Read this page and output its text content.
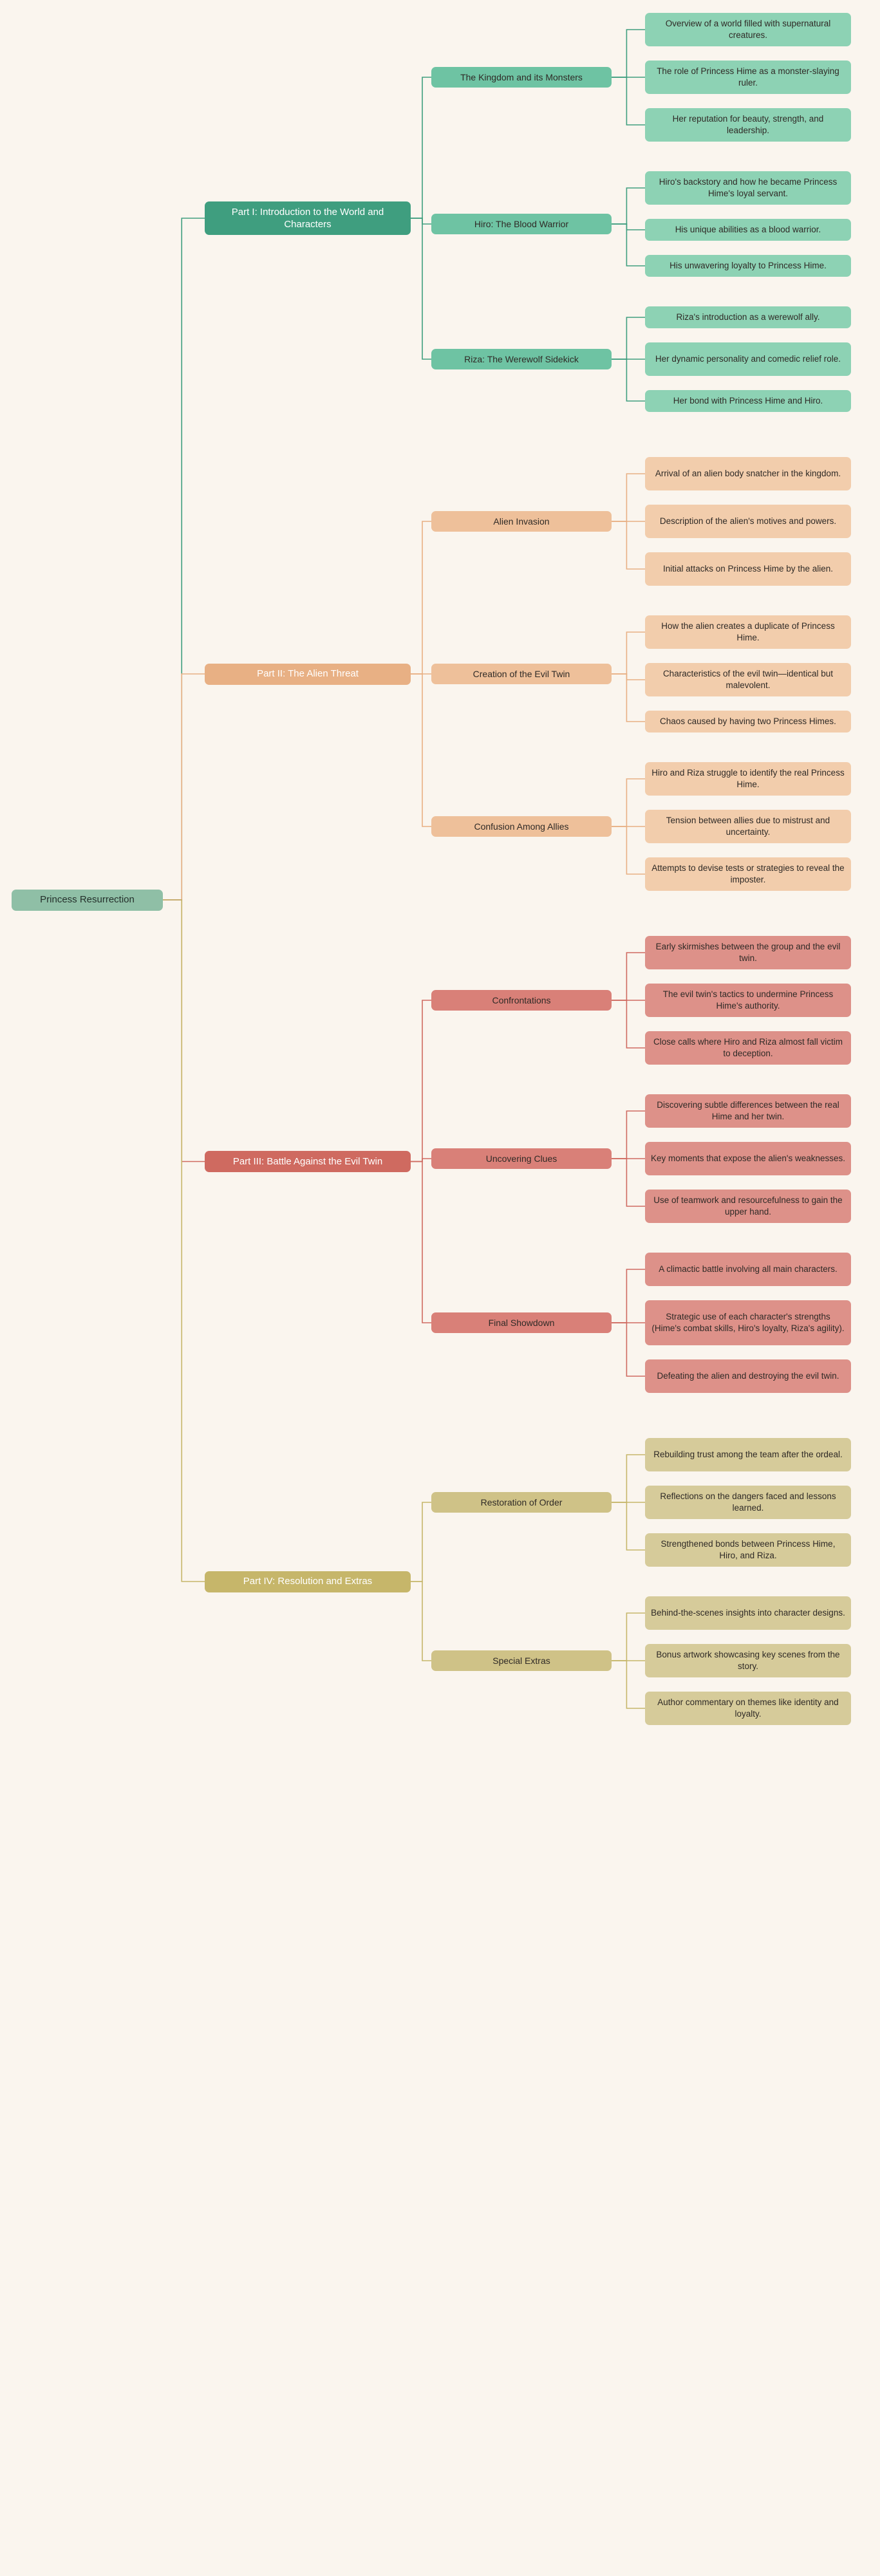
Princess Resurrection
Part I: Introduction to the World and Characters
The Kingdom and its Monsters
Overview of a world filled with supernatural creatures.
The role of Princess Hime as a monster-slaying ruler.
Her reputation for beauty, strength, and leadership.
Hiro: The Blood Warrior
Hiro's backstory and how he became Princess Hime's loyal servant.
His unique abilities as a blood warrior.
His unwavering loyalty to Princess Hime.
Riza: The Werewolf Sidekick
Riza's introduction as a werewolf ally.
Her dynamic personality and comedic relief role.
Her bond with Princess Hime and Hiro.
Part II: The Alien Threat
Alien Invasion
Arrival of an alien body snatcher in the kingdom.
Description of the alien's motives and powers.
Initial attacks on Princess Hime by the alien.
Creation of the Evil Twin
How the alien creates a duplicate of Princess Hime.
Characteristics of the evil twin—identical but malevolent.
Chaos caused by having two Princess Himes.
Confusion Among Allies
Hiro and Riza struggle to identify the real Princess Hime.
Tension between allies due to mistrust and uncertainty.
Attempts to devise tests or strategies to reveal the imposter.
Part III: Battle Against the Evil Twin
Confrontations
Early skirmishes between the group and the evil twin.
The evil twin's tactics to undermine Princess Hime's authority.
Close calls where Hiro and Riza almost fall victim to deception.
Uncovering Clues
Discovering subtle differences between the real Hime and her twin.
Key moments that expose the alien's weaknesses.
Use of teamwork and resourcefulness to gain the upper hand.
Final Showdown
A climactic battle involving all main characters.
Strategic use of each character's strengths (Hime's combat skills, Hiro's loyalty, Riza's agility).
Defeating the alien and destroying the evil twin.
Part IV: Resolution and Extras
Restoration of Order
Rebuilding trust among the team after the ordeal.
Reflections on the dangers faced and lessons learned.
Strengthened bonds between Princess Hime, Hiro, and Riza.
Special Extras
Behind-the-scenes insights into character designs.
Bonus artwork showcasing key scenes from the story.
Author commentary on themes like identity and loyalty.
